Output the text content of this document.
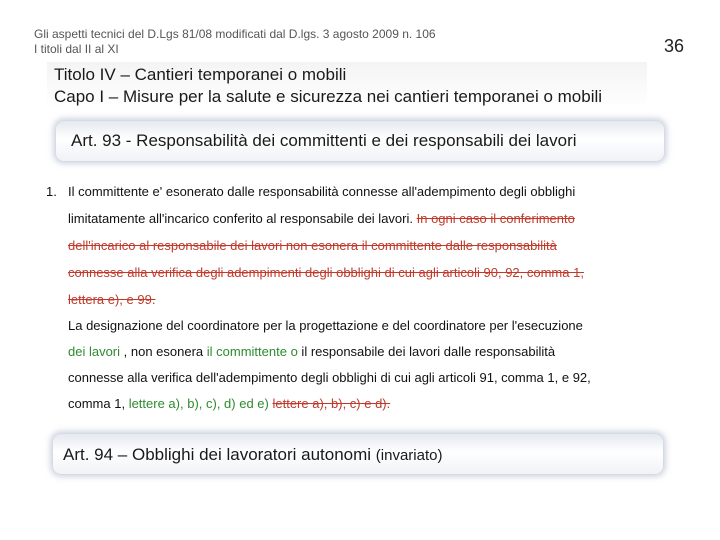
Gli aspetti tecnici del D.Lgs 81/08 modificati dal D.lgs. 3 agosto 2009 n. 106
I titoli dal II al XI	36
Titolo IV – Cantieri temporanei o mobili
Capo I – Misure per la salute e sicurezza nei cantieri temporanei o mobili
Art. 93 - Responsabilità dei committenti e dei responsabili dei lavori
1. Il committente e' esonerato dalle responsabilità connesse all'adempimento degli obblighi
limitatamente all'incarico conferito al responsabile dei lavori. In ogni caso il conferimento
dell'incarico al responsabile dei lavori non esonera il committente dalle responsabilità
connesse alla verifica degli adempimenti degli obblighi di cui agli articoli 90, 92, comma 1,
lettera e), e 99.
La designazione del coordinatore per la progettazione e del coordinatore per l'esecuzione
dei lavori , non esonera il committente o il responsabile dei lavori dalle responsabilità
connesse alla verifica dell'adempimento degli obblighi di cui agli articoli 91, comma 1, e 92,
comma 1, lettere a), b), c), d) ed e) lettere a), b), c) e d).
Art. 94 – Obblighi dei lavoratori autonomi (invariato)
